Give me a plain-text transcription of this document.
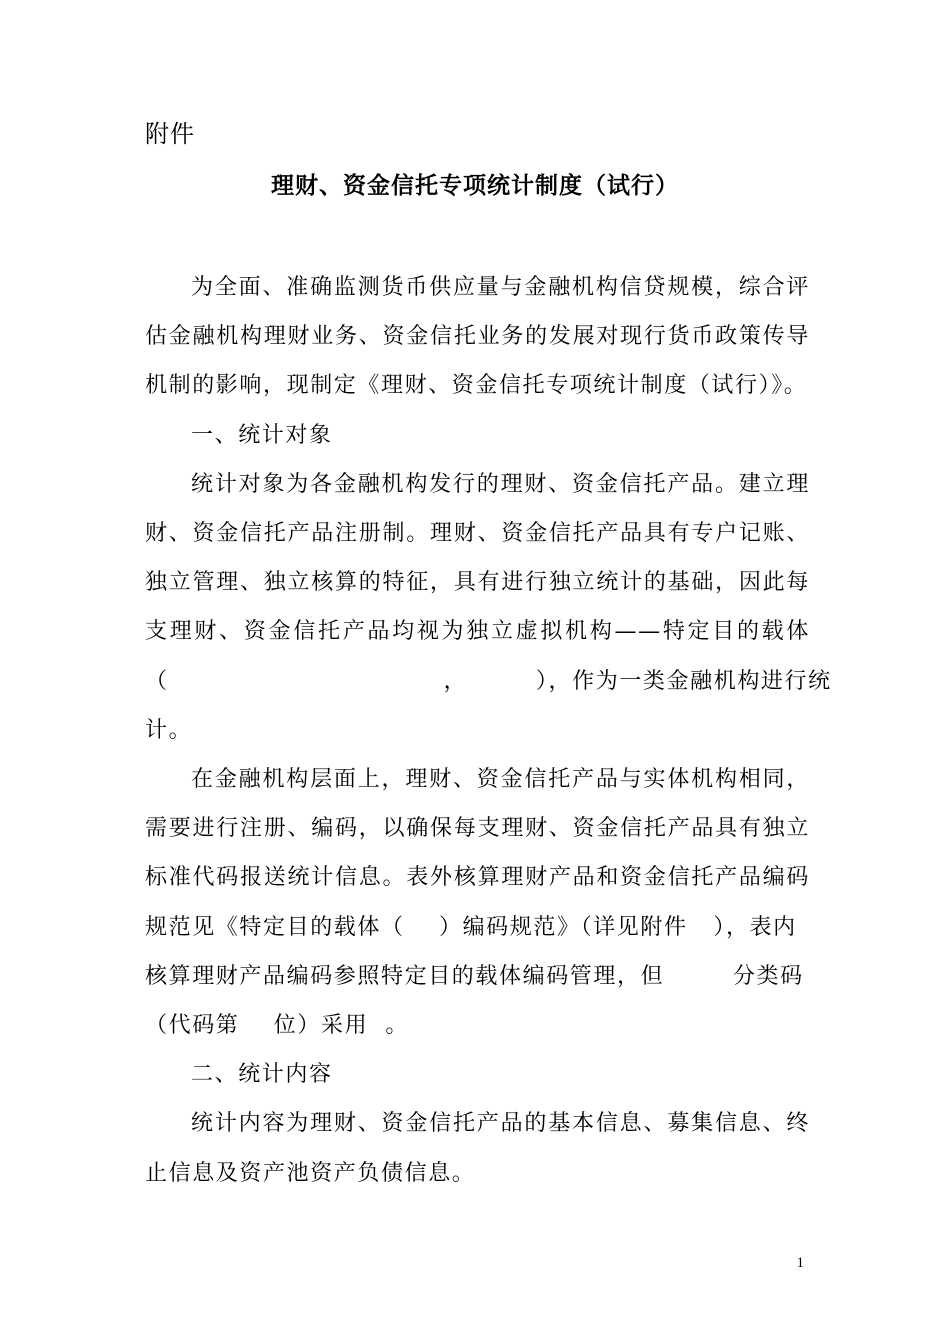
附件
理财、资金信托专项统计制度（试行）

为全面、准确监测货币供应量与金融机构信贷规模，综合评
估金融机构理财业务、资金信托业务的发展对现行货币政策传导
机制的影响，现制定《理财、资金信托专项统计制度（试行）》。

一、统计对象

统计对象为各金融机构发行的理财、资金信托产品。建立理
财、资金信托产品注册制。理财、资金信托产品具有专户记账、
独立管理、独立核算的特征，具有进行独立统计的基础，因此每
支理财、资金信托产品均视为独立虚拟机构——特定目的载体
（                                ，        ），作为一类金融机构进行统
计。

在金融机构层面上，理财、资金信托产品与实体机构相同，
需要进行注册、编码，以确保每支理财、资金信托产品具有独立
标准代码报送统计信息。表外核算理财产品和资金信托产品编码
规范见《特定目的载体（    ）编码规范》（详见附件   ），表内
核算理财产品编码参照特定目的载体编码管理，但        分类码
（代码第    位）采用  。

二、统计内容

统计内容为理财、资金信托产品的基本信息、募集信息、终
止信息及资产池资产负债信息。

1
